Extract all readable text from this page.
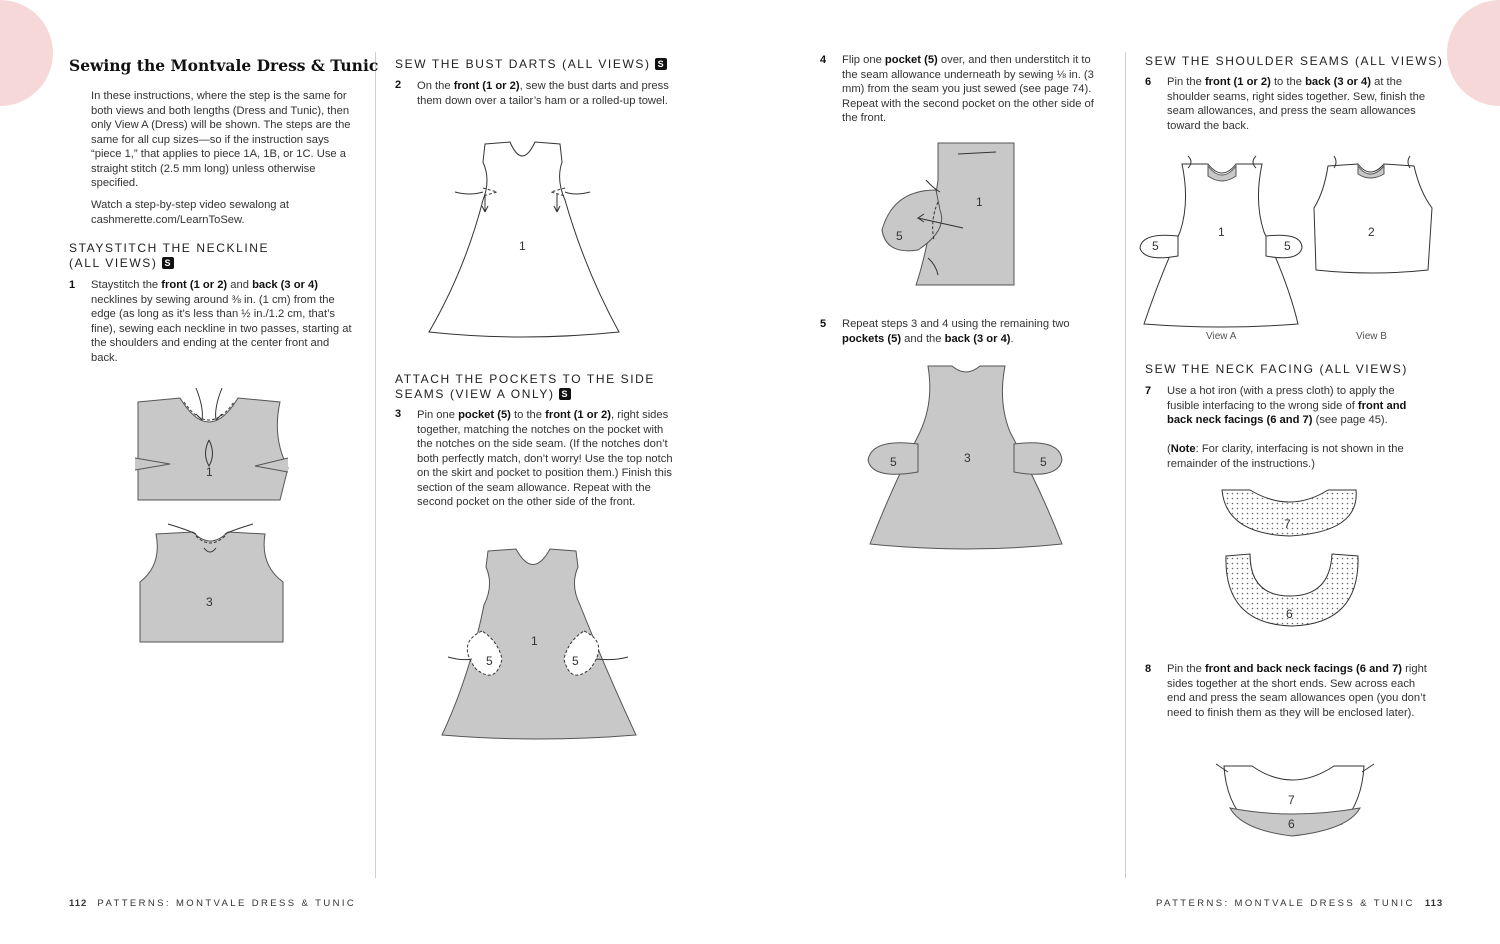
Sewing the Montvale Dress & Tunic
In these instructions, where the step is the same for both views and both lengths (Dress and Tunic), then only View A (Dress) will be shown. The steps are the same for all cup sizes—so if the instruction says “piece 1,” that applies to piece 1A, 1B, or 1C. Use a straight stitch (2.5 mm long) unless otherwise specified.
Watch a step-by-step video sewalong at cashmerette.com/LearnToSew.
STAYSTITCH THE NECKLINE
(ALL VIEWS) S
1 Staystitch the front (1 or 2) and back (3 or 4) necklines by sewing around ⅜ in. (1 cm) from the edge (as long as it’s less than ½ in./1.2 cm, that’s fine), sewing each neckline in two passes, starting at the shoulders and ending at the center front and back.
1
3
112 PATTERNS: MONTVALE DRESS & TUNIC
SEW THE BUST DARTS (ALL VIEWS) S
2 On the front (1 or 2), sew the bust darts and press them down over a tailor’s ham or a rolled-up towel.
1
ATTACH THE POCKETS TO THE SIDE
SEAMS (VIEW A ONLY) S
3 Pin one pocket (5) to the front (1 or 2), right sides together, matching the notches on the pocket with the notches on the side seam. (If the notches don’t both perfectly match, don’t worry! Use the top notch on the skirt and pocket to position them.) Finish this section of the seam allowance. Repeat with the second pocket on the other side of the front.
1
5	5
4 Flip one pocket (5) over, and then understitch it to the seam allowance underneath by sewing ⅛ in. (3 mm) from the seam you just sewed (see page 74). Repeat with the second pocket on the other side of the front.
1
5
5 Repeat steps 3 and 4 using the remaining two pockets (5) and the back (3 or 4).
3
5	5
SEW THE SHOULDER SEAMS (ALL VIEWS)
6 Pin the front (1 or 2) to the back (3 or 4) at the shoulder seams, right sides together. Sew, finish the seam allowances, and press the seam allowances toward the back.
1
5	5
2
View A	View B
SEW THE NECK FACING (ALL VIEWS)
7 Use a hot iron (with a press cloth) to apply the fusible interfacing to the wrong side of front and back neck facings (6 and 7) (see page 45).
(Note: For clarity, interfacing is not shown in the remainder of the instructions.)
7
6
8 Pin the front and back neck facings (6 and 7) right sides together at the short ends. Sew across each end and press the seam allowances open (you don’t need to finish them as they will be enclosed later).
7
6
PATTERNS: MONTVALE DRESS & TUNIC 113
